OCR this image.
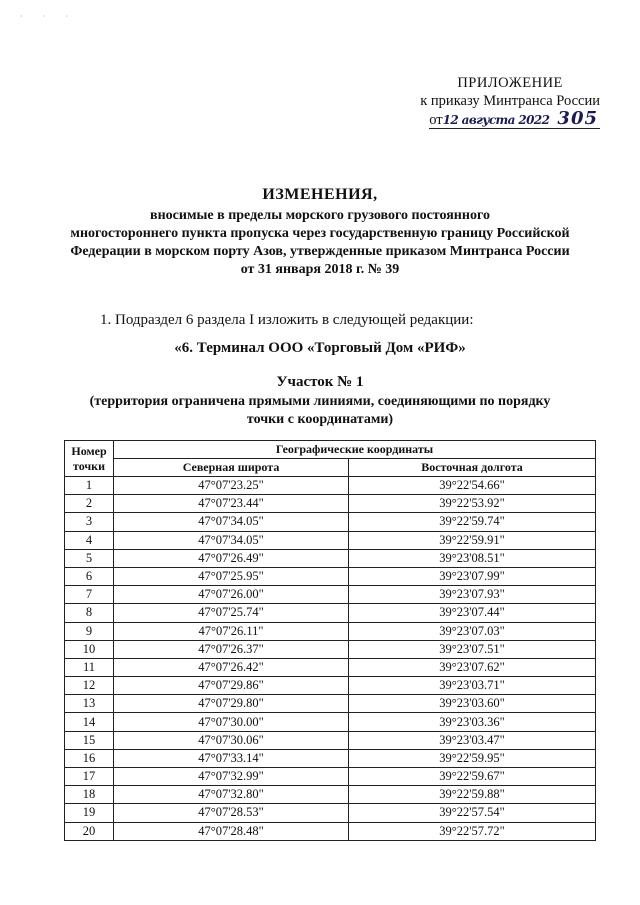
· · ·
ПРИЛОЖЕНИЕ
к приказу Минтранса России
от12 августа 2022 305
ИЗМЕНЕНИЯ,
вносимые в пределы морского грузового постоянного
многостороннего пункта пропуска через государственную границу Российской
Федерации в морском порту Азов, утвержденные приказом Минтранса России
от 31 января 2018 г. № 39
1. Подраздел 6 раздела I изложить в следующей редакции:
«6. Терминал ООО «Торговый Дом «РИФ»
Участок № 1
(территория ограничена прямыми линиями, соединяющими по порядку
точки с координатами)
Номер
точки	Географические координаты	
	Северная широта	Восточная долгота
1	47°07'23.25"	39°22'54.66"
2	47°07'23.44"	39°22'53.92"
3	47°07'34.05"	39°22'59.74"
4	47°07'34.05"	39°22'59.91"
5	47°07'26.49"	39°23'08.51"
6	47°07'25.95"	39°23'07.99"
7	47°07'26.00"	39°23'07.93"
8	47°07'25.74"	39°23'07.44"
9	47°07'26.11"	39°23'07.03"
10	47°07'26.37"	39°23'07.51"
11	47°07'26.42"	39°23'07.62"
12	47°07'29.86"	39°23'03.71"
13	47°07'29.80"	39°23'03.60"
14	47°07'30.00"	39°23'03.36"
15	47°07'30.06"	39°23'03.47"
16	47°07'33.14"	39°22'59.95"
17	47°07'32.99"	39°22'59.67"
18	47°07'32.80"	39°22'59.88"
19	47°07'28.53"	39°22'57.54"
20	47°07'28.48"	39°22'57.72"
